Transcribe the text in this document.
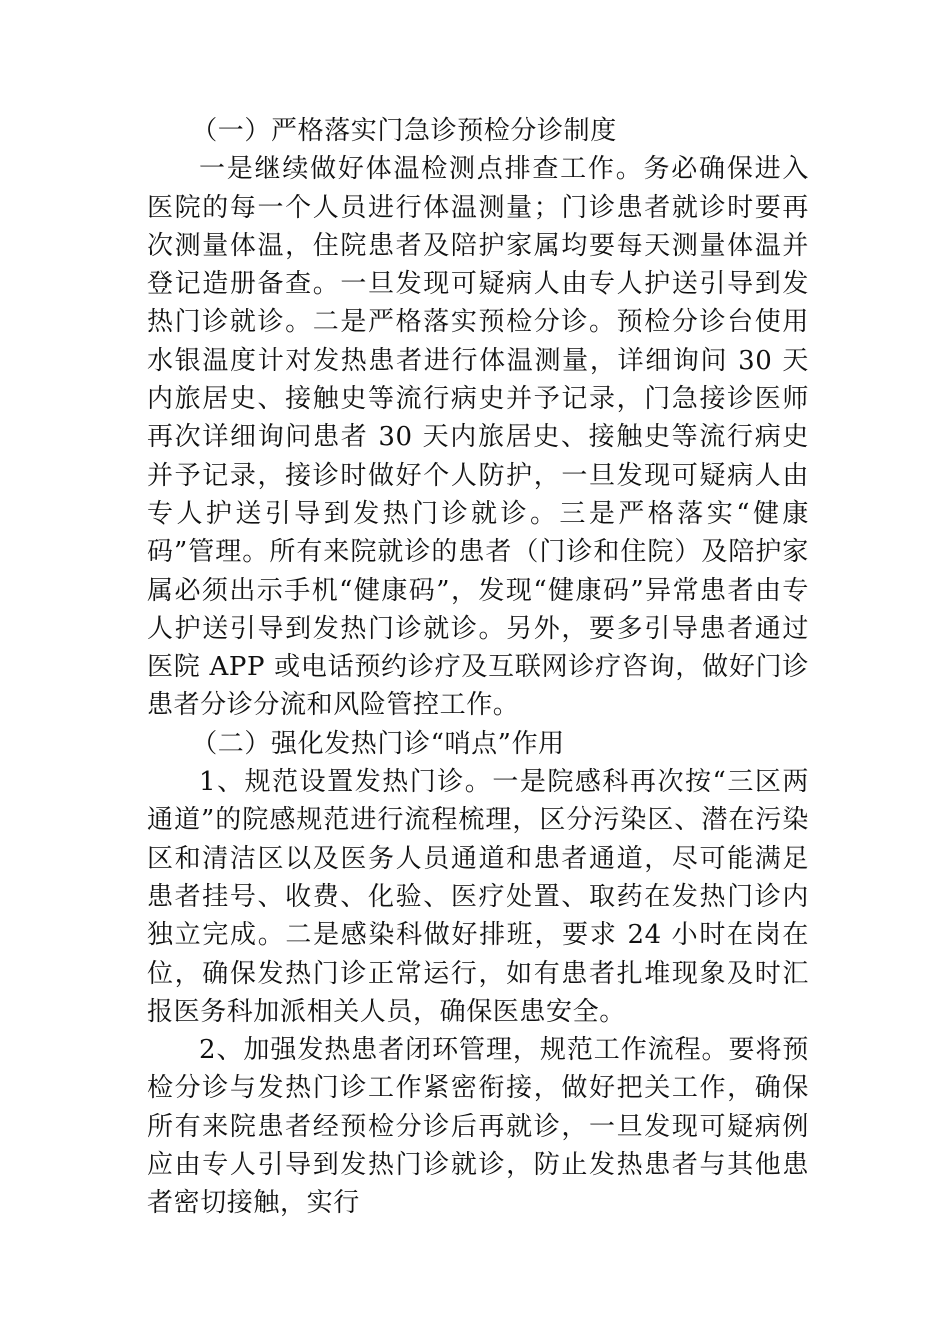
（一）严格落实门急诊预检分诊制度

一是继续做好体温检测点排查工作。务必确保进入医院的每一个人员进行体温测量；门诊患者就诊时要再次测量体温，住院患者及陪护家属均要每天测量体温并登记造册备查。一旦发现可疑病人由专人护送引导到发热门诊就诊。二是严格落实预检分诊。预检分诊台使用水银温度计对发热患者进行体温测量，详细询问 30 天内旅居史、接触史等流行病史并予记录，门急接诊医师再次详细询问患者 30 天内旅居史、接触史等流行病史并予记录，接诊时做好个人防护，一旦发现可疑病人由专人护送引导到发热门诊就诊。三是严格落实“健康码”管理。所有来院就诊的患者（门诊和住院）及陪护家属必须出示手机“健康码”，发现“健康码”异常患者由专人护送引导到发热门诊就诊。另外，要多引导患者通过医院 APP 或电话预约诊疗及互联网诊疗咨询，做好门诊患者分诊分流和风险管控工作。

（二）强化发热门诊“哨点”作用

1、规范设置发热门诊。一是院感科再次按“三区两通道”的院感规范进行流程梳理，区分污染区、潜在污染区和清洁区以及医务人员通道和患者通道，尽可能满足患者挂号、收费、化验、医疗处置、取药在发热门诊内独立完成。二是感染科做好排班，要求 24 小时在岗在位，确保发热门诊正常运行，如有患者扎堆现象及时汇报医务科加派相关人员，确保医患安全。

2、加强发热患者闭环管理，规范工作流程。要将预检分诊与发热门诊工作紧密衔接，做好把关工作，确保所有来院患者经预检分诊后再就诊，一旦发现可疑病例应由专人引导到发热门诊就诊，防止发热患者与其他患者密切接触，实行
